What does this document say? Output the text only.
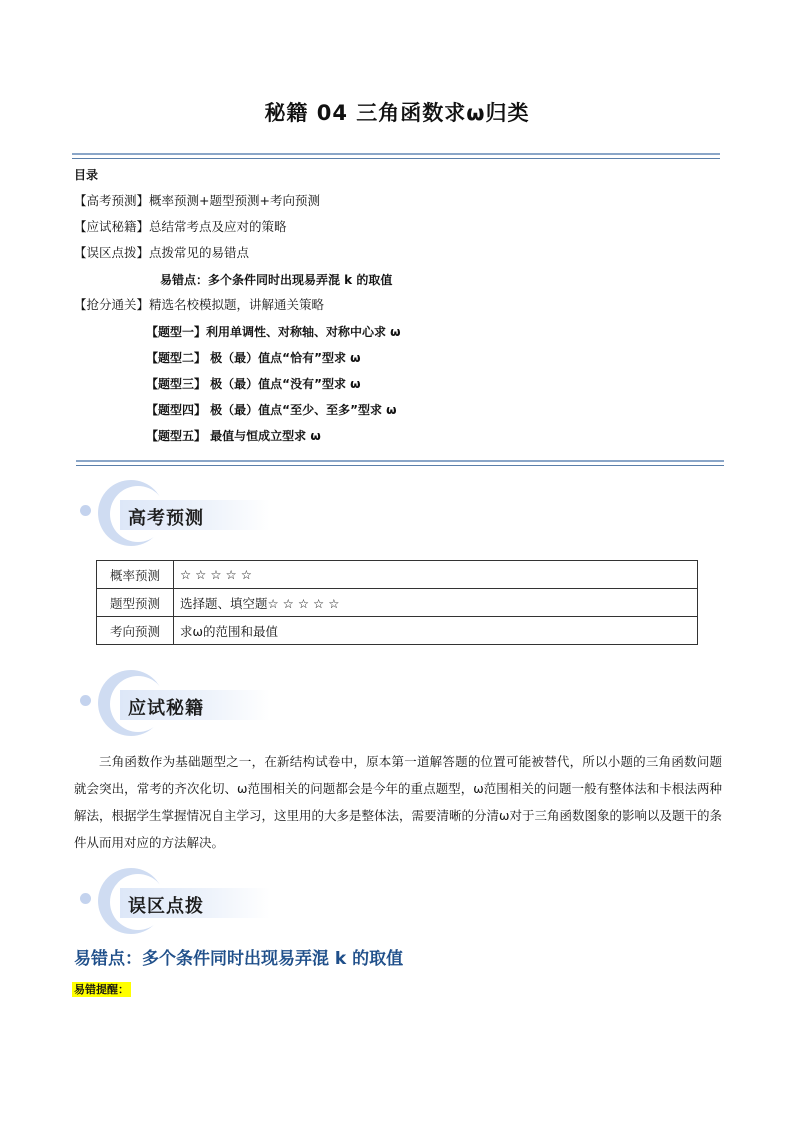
秘籍 04 三角函数求ω归类
目录
【高考预测】概率预测+题型预测+考向预测
【应试秘籍】总结常考点及应对的策略
【误区点拨】点拨常见的易错点
易错点：多个条件同时出现易弄混 k 的取值
【抢分通关】精选名校模拟题，讲解通关策略
【题型一】利用单调性、对称轴、对称中心求 ω
【题型二】 极（最）值点“恰有”型求 ω
【题型三】 极（最）值点“没有”型求 ω
【题型四】 极（最）值点“至少、至多”型求 ω
【题型五】 最值与恒成立型求 ω
高考预测
概率预测	☆ ☆ ☆ ☆ ☆
题型预测	选择题、填空题☆ ☆ ☆ ☆ ☆
考向预测	求ω的范围和最值
应试秘籍
三角函数作为基础题型之一，在新结构试卷中，原本第一道解答题的位置可能被替代，所以小题的三角函数问题就会突出，常考的齐次化切、ω范围相关的问题都会是今年的重点题型，ω范围相关的问题一般有整体法和卡根法两种解法，根据学生掌握情况自主学习，这里用的大多是整体法，需要清晰的分清ω对于三角函数图象的影响以及题干的条件从而用对应的方法解决。
误区点拨
易错点：多个条件同时出现易弄混 k 的取值
易错提醒：
